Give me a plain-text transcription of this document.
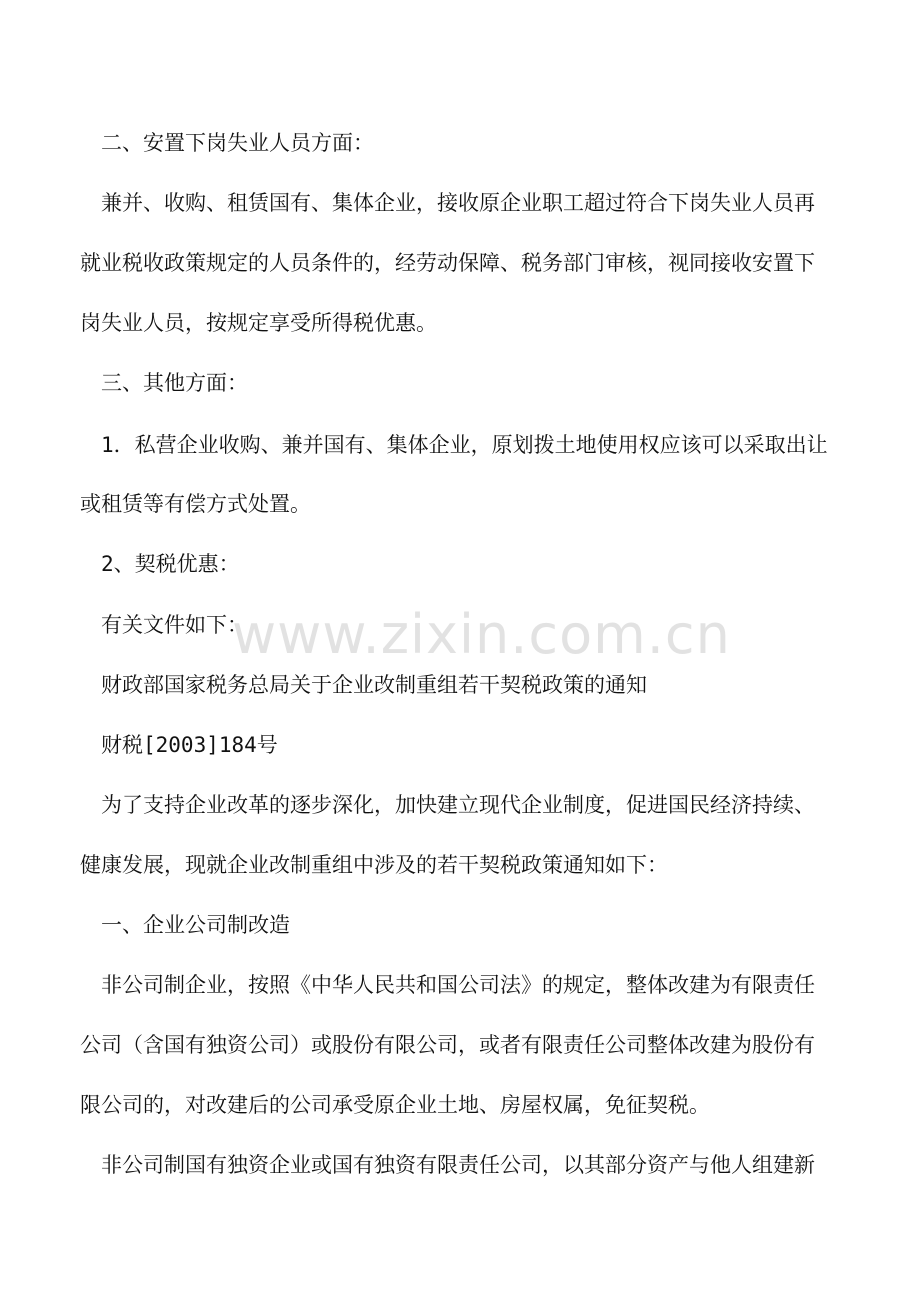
二、安置下岗失业人员方面：
兼并、收购、租赁国有、集体企业，接收原企业职工超过符合下岗失业人员再
就业税收政策规定的人员条件的，经劳动保障、税务部门审核，视同接收安置下
岗失业人员，按规定享受所得税优惠。
三、其他方面：
1．私营企业收购、兼并国有、集体企业，原划拨土地使用权应该可以采取出让
或租赁等有偿方式处置。
2、契税优惠：
有关文件如下：
财政部国家税务总局关于企业改制重组若干契税政策的通知
财税[2003]184号
为了支持企业改革的逐步深化，加快建立现代企业制度，促进国民经济持续、
健康发展，现就企业改制重组中涉及的若干契税政策通知如下：
一、企业公司制改造
非公司制企业，按照《中华人民共和国公司法》的规定，整体改建为有限责任
公司（含国有独资公司）或股份有限公司，或者有限责任公司整体改建为股份有
限公司的，对改建后的公司承受原企业土地、房屋权属，免征契税。
非公司制国有独资企业或国有独资有限责任公司，以其部分资产与他人组建新
www.zixin.com.cn
